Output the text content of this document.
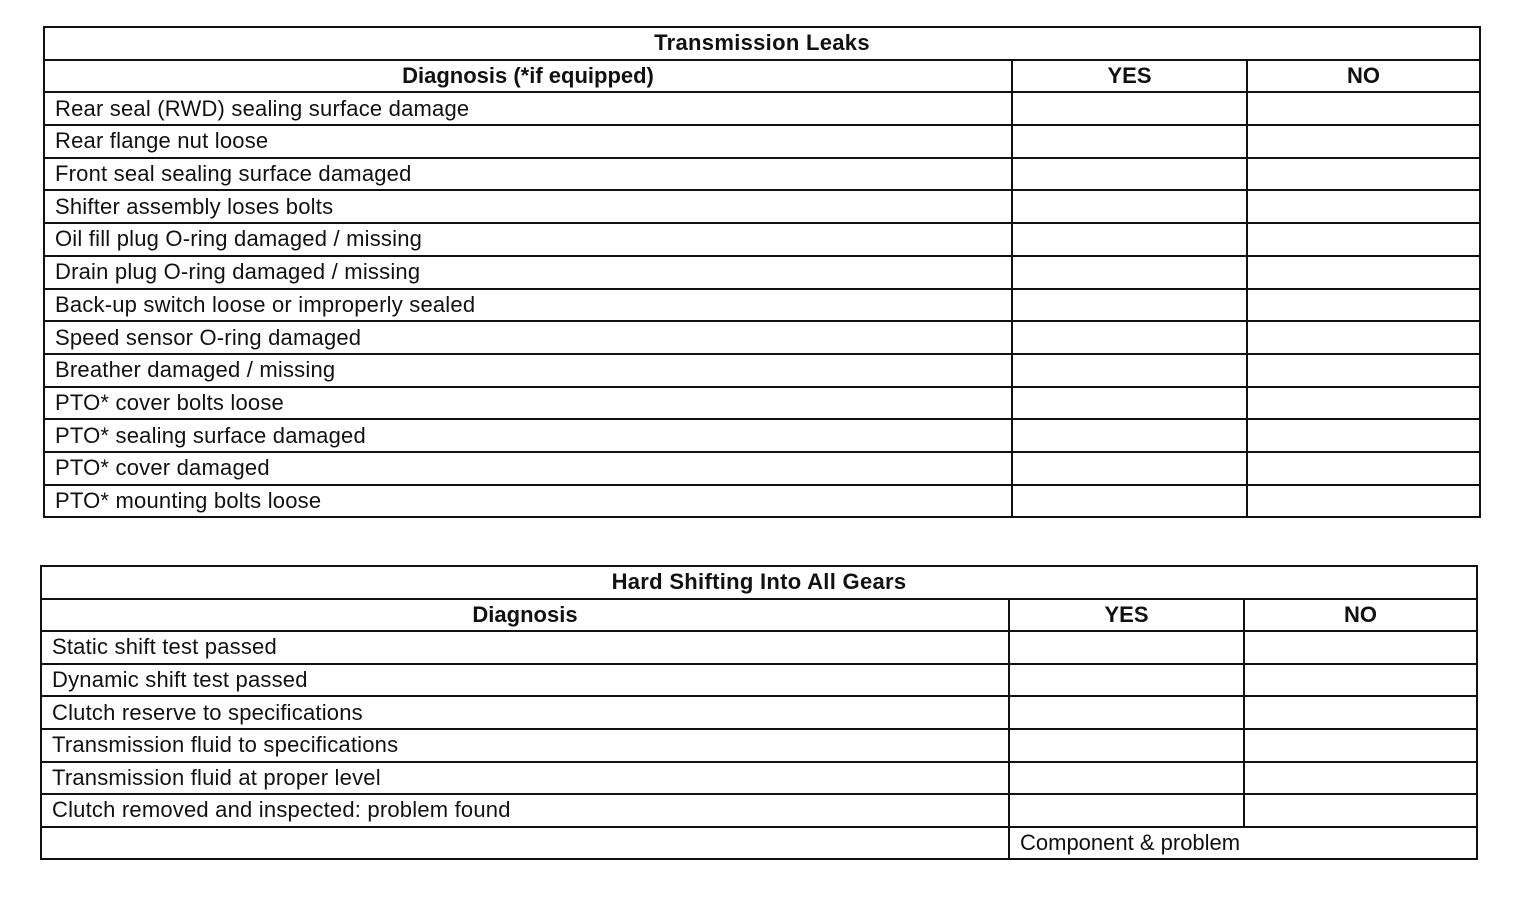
Transmission Leaks		
Diagnosis (*if equipped)	YES	NO
Rear seal (RWD) sealing surface damage		
Rear flange nut loose		
Front seal sealing surface damaged		
Shifter assembly loses bolts		
Oil fill plug O-ring damaged / missing		
Drain plug O-ring damaged / missing		
Back-up switch loose or improperly sealed		
Speed sensor O-ring damaged		
Breather damaged / missing		
PTO* cover bolts loose		
PTO* sealing surface damaged		
PTO* cover damaged		
PTO* mounting bolts loose		
Hard Shifting Into All Gears		
Diagnosis	YES	NO
Static shift test passed		
Dynamic shift test passed		
Clutch reserve to specifications		
Transmission fluid to specifications		
Transmission fluid at proper level		
Clutch removed and inspected: problem found		
	Component & problem	
